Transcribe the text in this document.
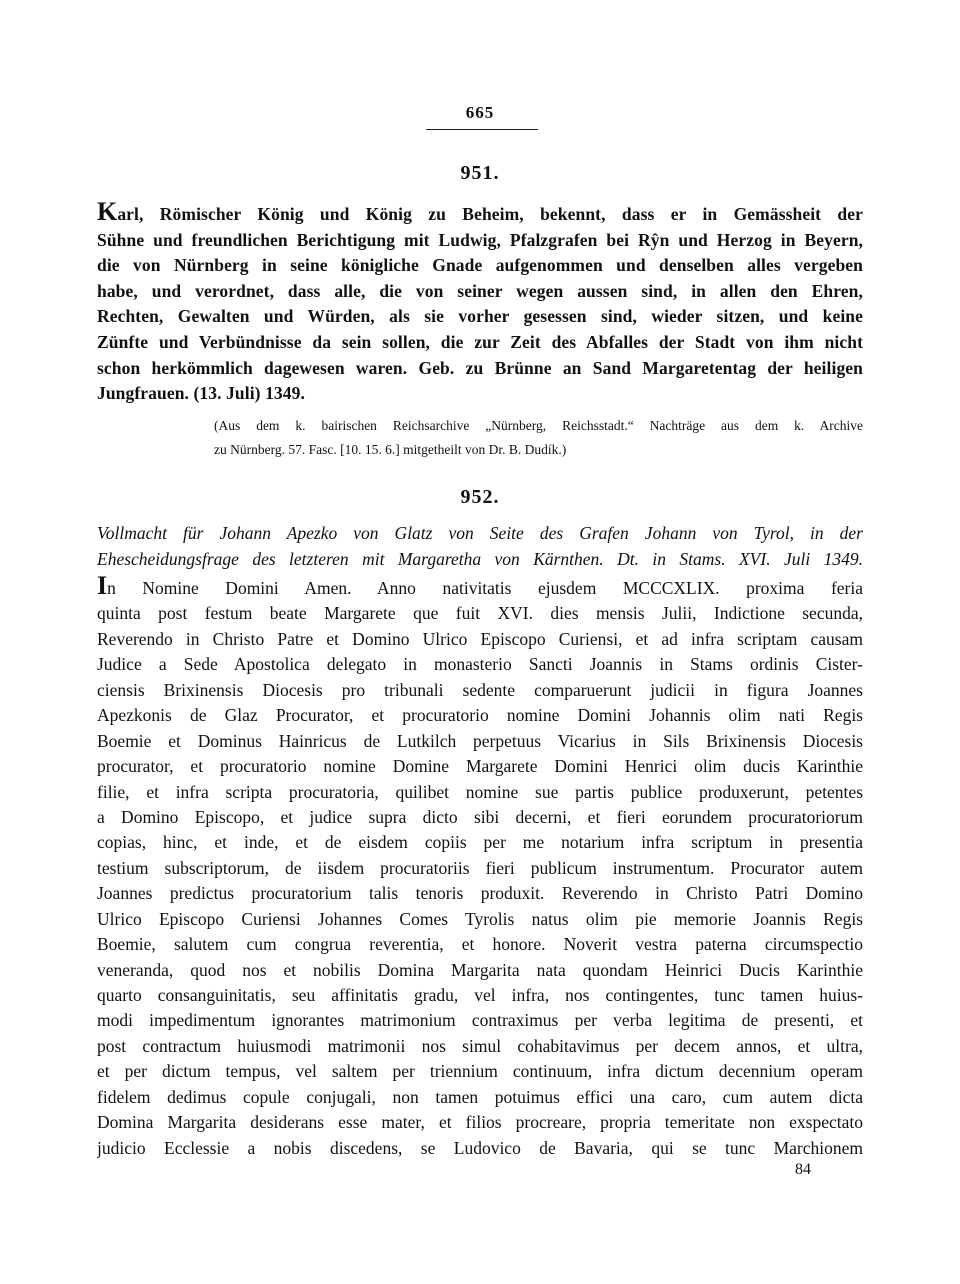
665
951.
Karl, Römischer König und König zu Beheim, bekennt, dass er in Gemässheit der
Sühne und freundlichen Berichtigung mit Ludwig, Pfalzgrafen bei Rŷn und Herzog in Beyern,
die von Nürnberg in seine königliche Gnade aufgenommen und denselben alles vergeben
habe, und verordnet, dass alle, die von seiner wegen aussen sind, in allen den Ehren,
Rechten, Gewalten und Würden, als sie vorher gesessen sind, wieder sitzen, und keine
Zünfte und Verbündnisse da sein sollen, die zur Zeit des Abfalles der Stadt von ihm nicht
schon herkömmlich dagewesen waren. Geb. zu Brünne an Sand Margaretentag der heiligen
Jungfrauen. (13. Juli) 1349.
(Aus dem k. bairischen Reichsarchive „Nürnberg, Reichsstadt.“ Nachträge aus dem k. Archive
zu Nürnberg. 57. Fasc. [10. 15. 6.] mitgetheilt von Dr. B. Dudík.)
952.
Vollmacht für Johann Apezko von Glatz von Seite des Grafen Johann von Tyrol, in der
Ehescheidungsfrage des letzteren mit Margaretha von Kärnthen. Dt. in Stams. XVI. Juli 1349.
In Nomine Domini Amen. Anno nativitatis ejusdem MCCCXLIX. proxima feria
quinta post festum beate Margarete que fuit XVI. dies mensis Julii, Indictione secunda,
Reverendo in Christo Patre et Domino Ulrico Episcopo Curiensi, et ad infra scriptam causam
Judice a Sede Apostolica delegato in monasterio Sancti Joannis in Stams ordinis Cister-
ciensis Brixinensis Diocesis pro tribunali sedente comparuerunt judicii in figura Joannes
Apezkonis de Glaz Procurator, et procuratorio nomine Domini Johannis olim nati Regis
Boemie et Dominus Hainricus de Lutkilch perpetuus Vicarius in Sils Brixinensis Diocesis
procurator, et procuratorio nomine Domine Margarete Domini Henrici olim ducis Karinthie
filie, et infra scripta procuratoria, quilibet nomine sue partis publice produxerunt, petentes
a Domino Episcopo, et judice supra dicto sibi decerni, et fieri eorundem procuratoriorum
copias, hinc, et inde, et de eisdem copiis per me notarium infra scriptum in presentia
testium subscriptorum, de iisdem procuratoriis fieri publicum instrumentum. Procurator autem
Joannes predictus procuratorium talis tenoris produxit. Reverendo in Christo Patri Domino
Ulrico Episcopo Curiensi Johannes Comes Tyrolis natus olim pie memorie Joannis Regis
Boemie, salutem cum congrua reverentia, et honore. Noverit vestra paterna circumspectio
veneranda, quod nos et nobilis Domina Margarita nata quondam Heinrici Ducis Karinthie
quarto consanguinitatis, seu affinitatis gradu, vel infra, nos contingentes, tunc tamen huius-
modi impedimentum ignorantes matrimonium contraximus per verba legitima de presenti, et
post contractum huiusmodi matrimonii nos simul cohabitavimus per decem annos, et ultra,
et per dictum tempus, vel saltem per triennium continuum, infra dictum decennium operam
fidelem dedimus copule conjugali, non tamen potuimus effici una caro, cum autem dicta
Domina Margarita desiderans esse mater, et filios procreare, propria temeritate non exspectato
judicio Ecclessie a nobis discedens, se Ludovico de Bavaria, qui se tunc Marchionem
84
